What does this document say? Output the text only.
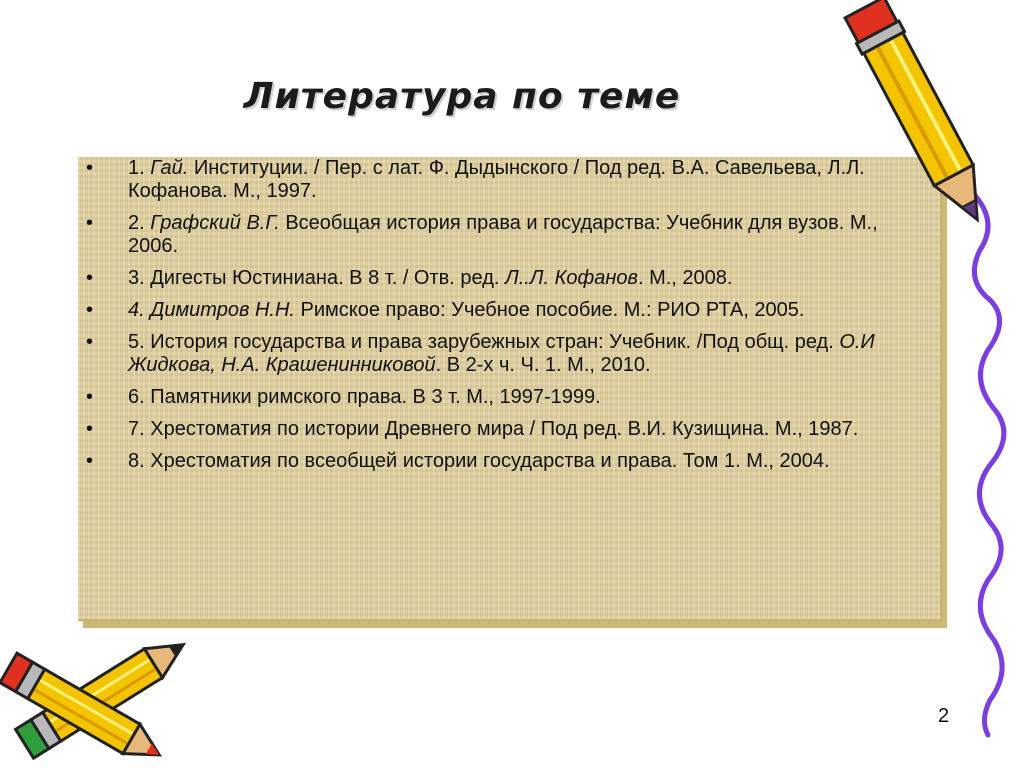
Литература по теме
• 1. Гай. Институции. / Пер. с лат. Ф. Дыдынского / Под ред. В.А. Савельева, Л.Л. Кофанова. М., 1997.
• 2. Графский В.Г. Всеобщая история права и государства: Учебник для вузов. М., 2006.
• 3. Дигесты Юстиниана. В 8 т. / Отв. ред. Л..Л. Кофанов. М., 2008.
• 4. Димитров Н.Н. Римское право: Учебное пособие. М.: РИО РТА, 2005.
• 5. История государства и права зарубежных стран: Учебник. /Под общ. ред. О.И Жидкова, Н.А. Крашенинниковой. В 2-х ч. Ч. 1. М., 2010.
• 6. Памятники римского права. В 3 т. М., 1997-1999.
• 7. Хрестоматия по истории Древнего мира / Под ред. В.И. Кузищина. М., 1987.
• 8. Хрестоматия по всеобщей истории государства и права. Том 1. М., 2004.
2
